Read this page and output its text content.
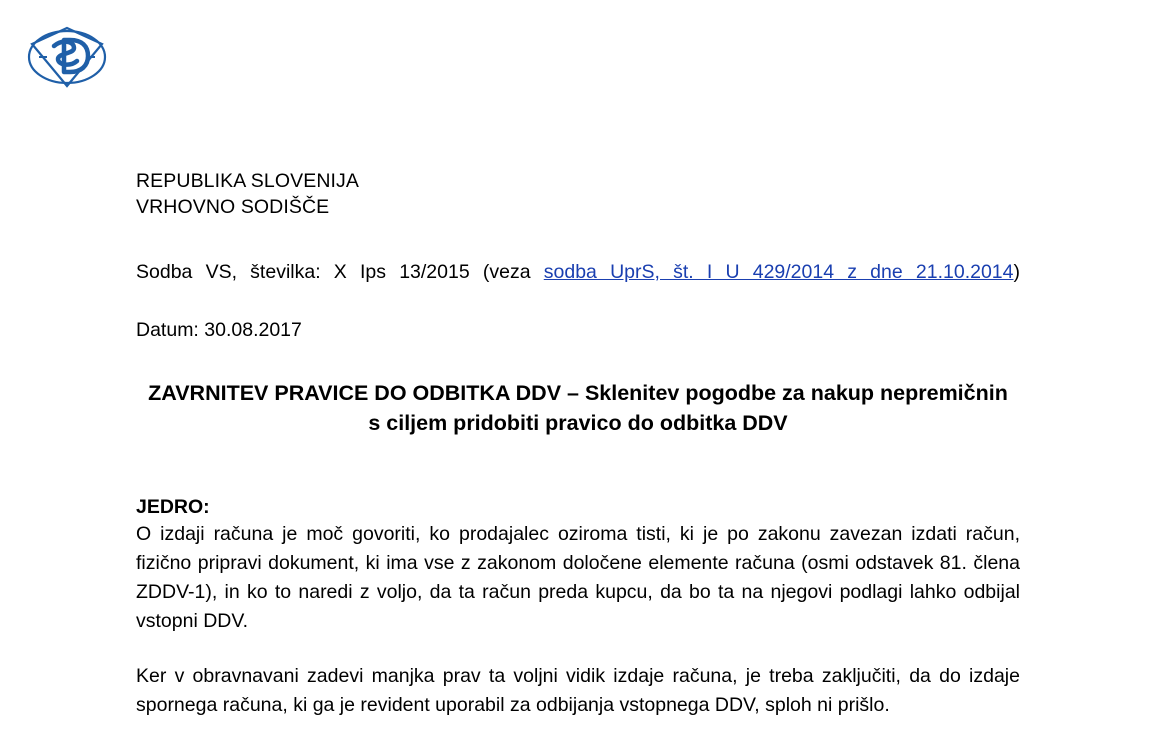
REPUBLIKA SLOVENIJA
VRHOVNO SODIŠČE
Sodba VS, številka: X Ips 13/2015 (veza sodba UprS, št. I U 429/2014 z dne 21.10.2014)
Datum: 30.08.2017
ZAVRNITEV PRAVICE DO ODBITKA DDV – Sklenitev pogodbe za nakup nepremičnin s ciljem pridobiti pravico do odbitka DDV
JEDRO:
O izdaji računa je moč govoriti, ko prodajalec oziroma tisti, ki je po zakonu zavezan izdati račun, fizično pripravi dokument, ki ima vse z zakonom določene elemente računa (osmi odstavek 81. člena ZDDV-1), in ko to naredi z voljo, da ta račun preda kupcu, da bo ta na njegovi podlagi lahko odbijal vstopni DDV.
Ker v obravnavani zadevi manjka prav ta voljni vidik izdaje računa, je treba zaključiti, da do izdaje spornega računa, ki ga je revident uporabil za odbijanja vstopnega DDV, sploh ni prišlo.
